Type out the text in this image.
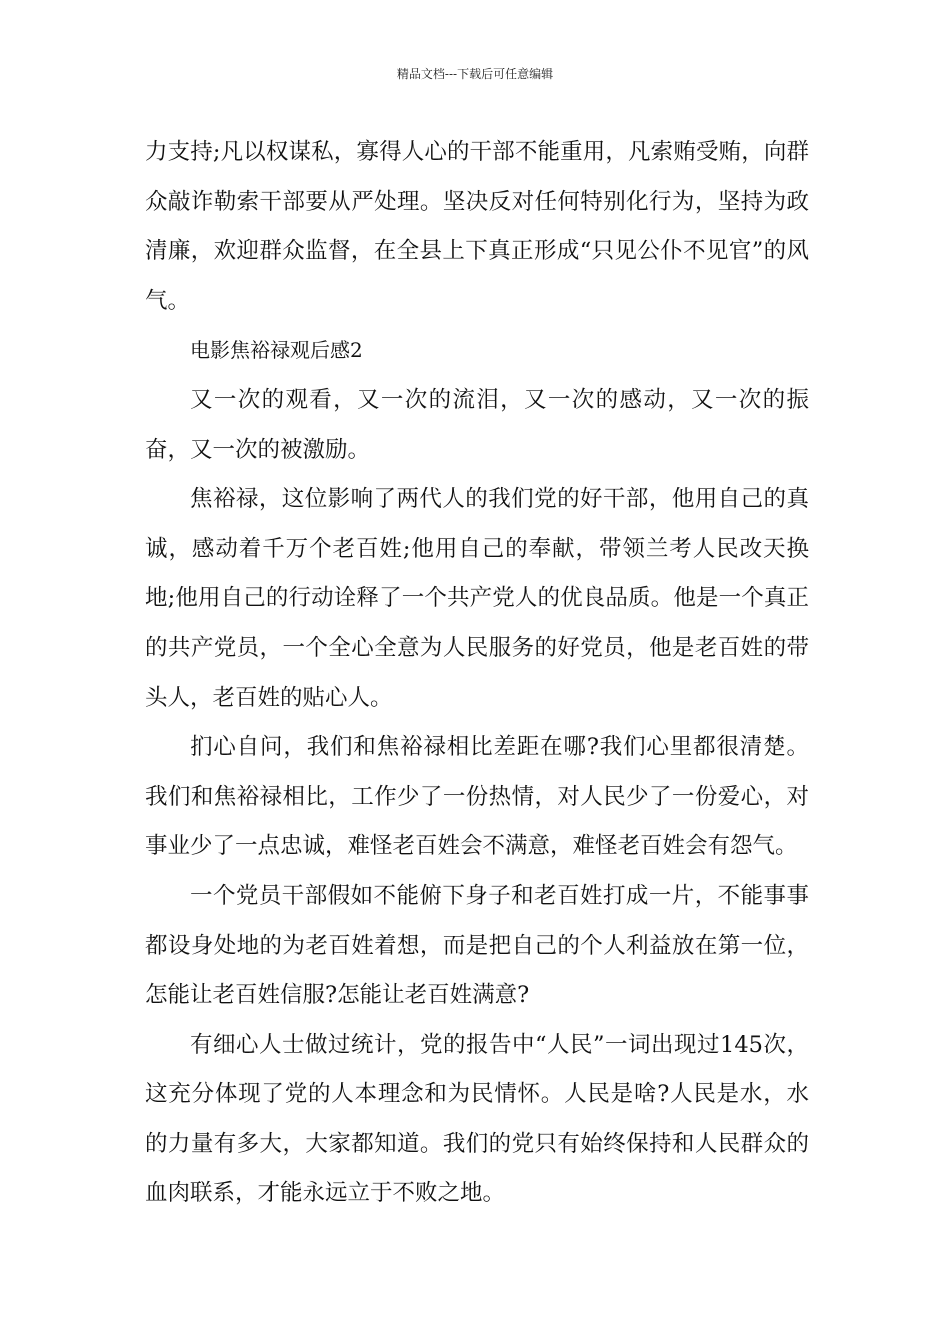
精品文档---下载后可任意编辑

力支持;凡以权谋私，寡得人心的干部不能重用，凡索贿受贿，向群众敲诈勒索干部要从严处理。坚决反对任何特别化行为，坚持为政清廉，欢迎群众监督，在全县上下真正形成“只见公仆不见官”的风气。

电影焦裕禄观后感2

又一次的观看，又一次的流泪，又一次的感动，又一次的振奋，又一次的被激励。

焦裕禄，这位影响了两代人的我们党的好干部，他用自己的真诚，感动着千万个老百姓;他用自己的奉献，带领兰考人民改天换地;他用自己的行动诠释了一个共产党人的优良品质。他是一个真正的共产党员，一个全心全意为人民服务的好党员，他是老百姓的带头人，老百姓的贴心人。

扪心自问，我们和焦裕禄相比差距在哪?我们心里都很清楚。我们和焦裕禄相比，工作少了一份热情，对人民少了一份爱心，对事业少了一点忠诚，难怪老百姓会不满意，难怪老百姓会有怨气。

一个党员干部假如不能俯下身子和老百姓打成一片，不能事事都设身处地的为老百姓着想，而是把自己的个人利益放在第一位，怎能让老百姓信服?怎能让老百姓满意?

有细心人士做过统计，党的报告中“人民”一词出现过145次，这充分体现了党的人本理念和为民情怀。人民是啥?人民是水，水的力量有多大，大家都知道。我们的党只有始终保持和人民群众的血肉联系，才能永远立于不败之地。
